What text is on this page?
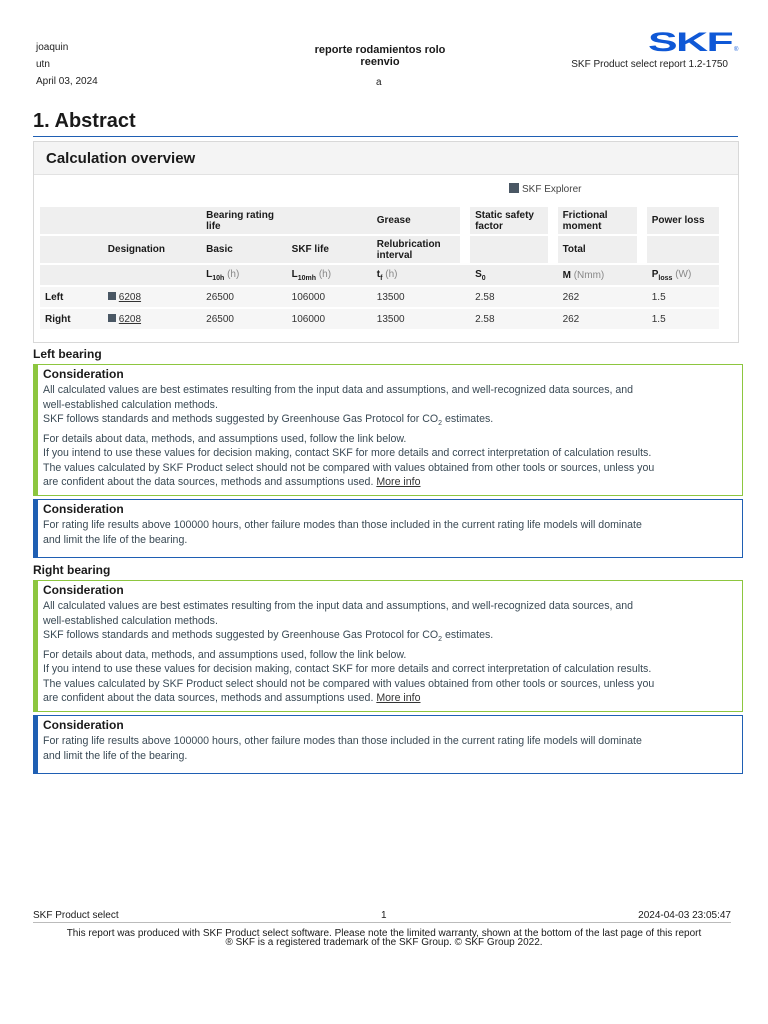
joaquin
utn
April 03, 2024
reporte rodamientos rolo
reenvio
a
SKF ®
SKF Product select report 1.2-1750
1. Abstract
Calculation overview
SKF Explorer
		Bearing rating life		Grease		Static safety factor		Frictional moment		Power loss
	Designation	Basic	SKF life	Relubrication interval				Total		
		$L_{10h}$ (h)	$L_{10mh}$ (h)	$t_f$ (h)		$S_0$		M (Nmm)		$P_{loss}$ (W)
Left	6208	26500	106000	13500		2.58		262		1.5
Right	6208	26500	106000	13500		2.58		262		1.5
Left bearing
Consideration
All calculated values are best estimates resulting from the input data and assumptions, and well-recognized data sources, and
well-established calculation methods.
SKF follows standards and methods suggested by Greenhouse Gas Protocol for $CO_2$ estimates.
For details about data, methods, and assumptions used, follow the link below.
If you intend to use these values for decision making, contact SKF for more details and correct interpretation of calculation results.
The values calculated by SKF Product select should not be compared with values obtained from other tools or sources, unless you
are confident about the data sources, methods and assumptions used. More info
Consideration
For rating life results above 100000 hours, other failure modes than those included in the current rating life models will dominate
and limit the life of the bearing.
Right bearing
Consideration
All calculated values are best estimates resulting from the input data and assumptions, and well-recognized data sources, and
well-established calculation methods.
SKF follows standards and methods suggested by Greenhouse Gas Protocol for $CO_2$ estimates.
For details about data, methods, and assumptions used, follow the link below.
If you intend to use these values for decision making, contact SKF for more details and correct interpretation of calculation results.
The values calculated by SKF Product select should not be compared with values obtained from other tools or sources, unless you
are confident about the data sources, methods and assumptions used. More info
Consideration
For rating life results above 100000 hours, other failure modes than those included in the current rating life models will dominate
and limit the life of the bearing.
SKF Product select	1	2024-04-03 23:05:47
This report was produced with SKF Product select software. Please note the limited warranty, shown at the bottom of the last page of this report
® SKF is a registered trademark of the SKF Group. © SKF Group 2022.
